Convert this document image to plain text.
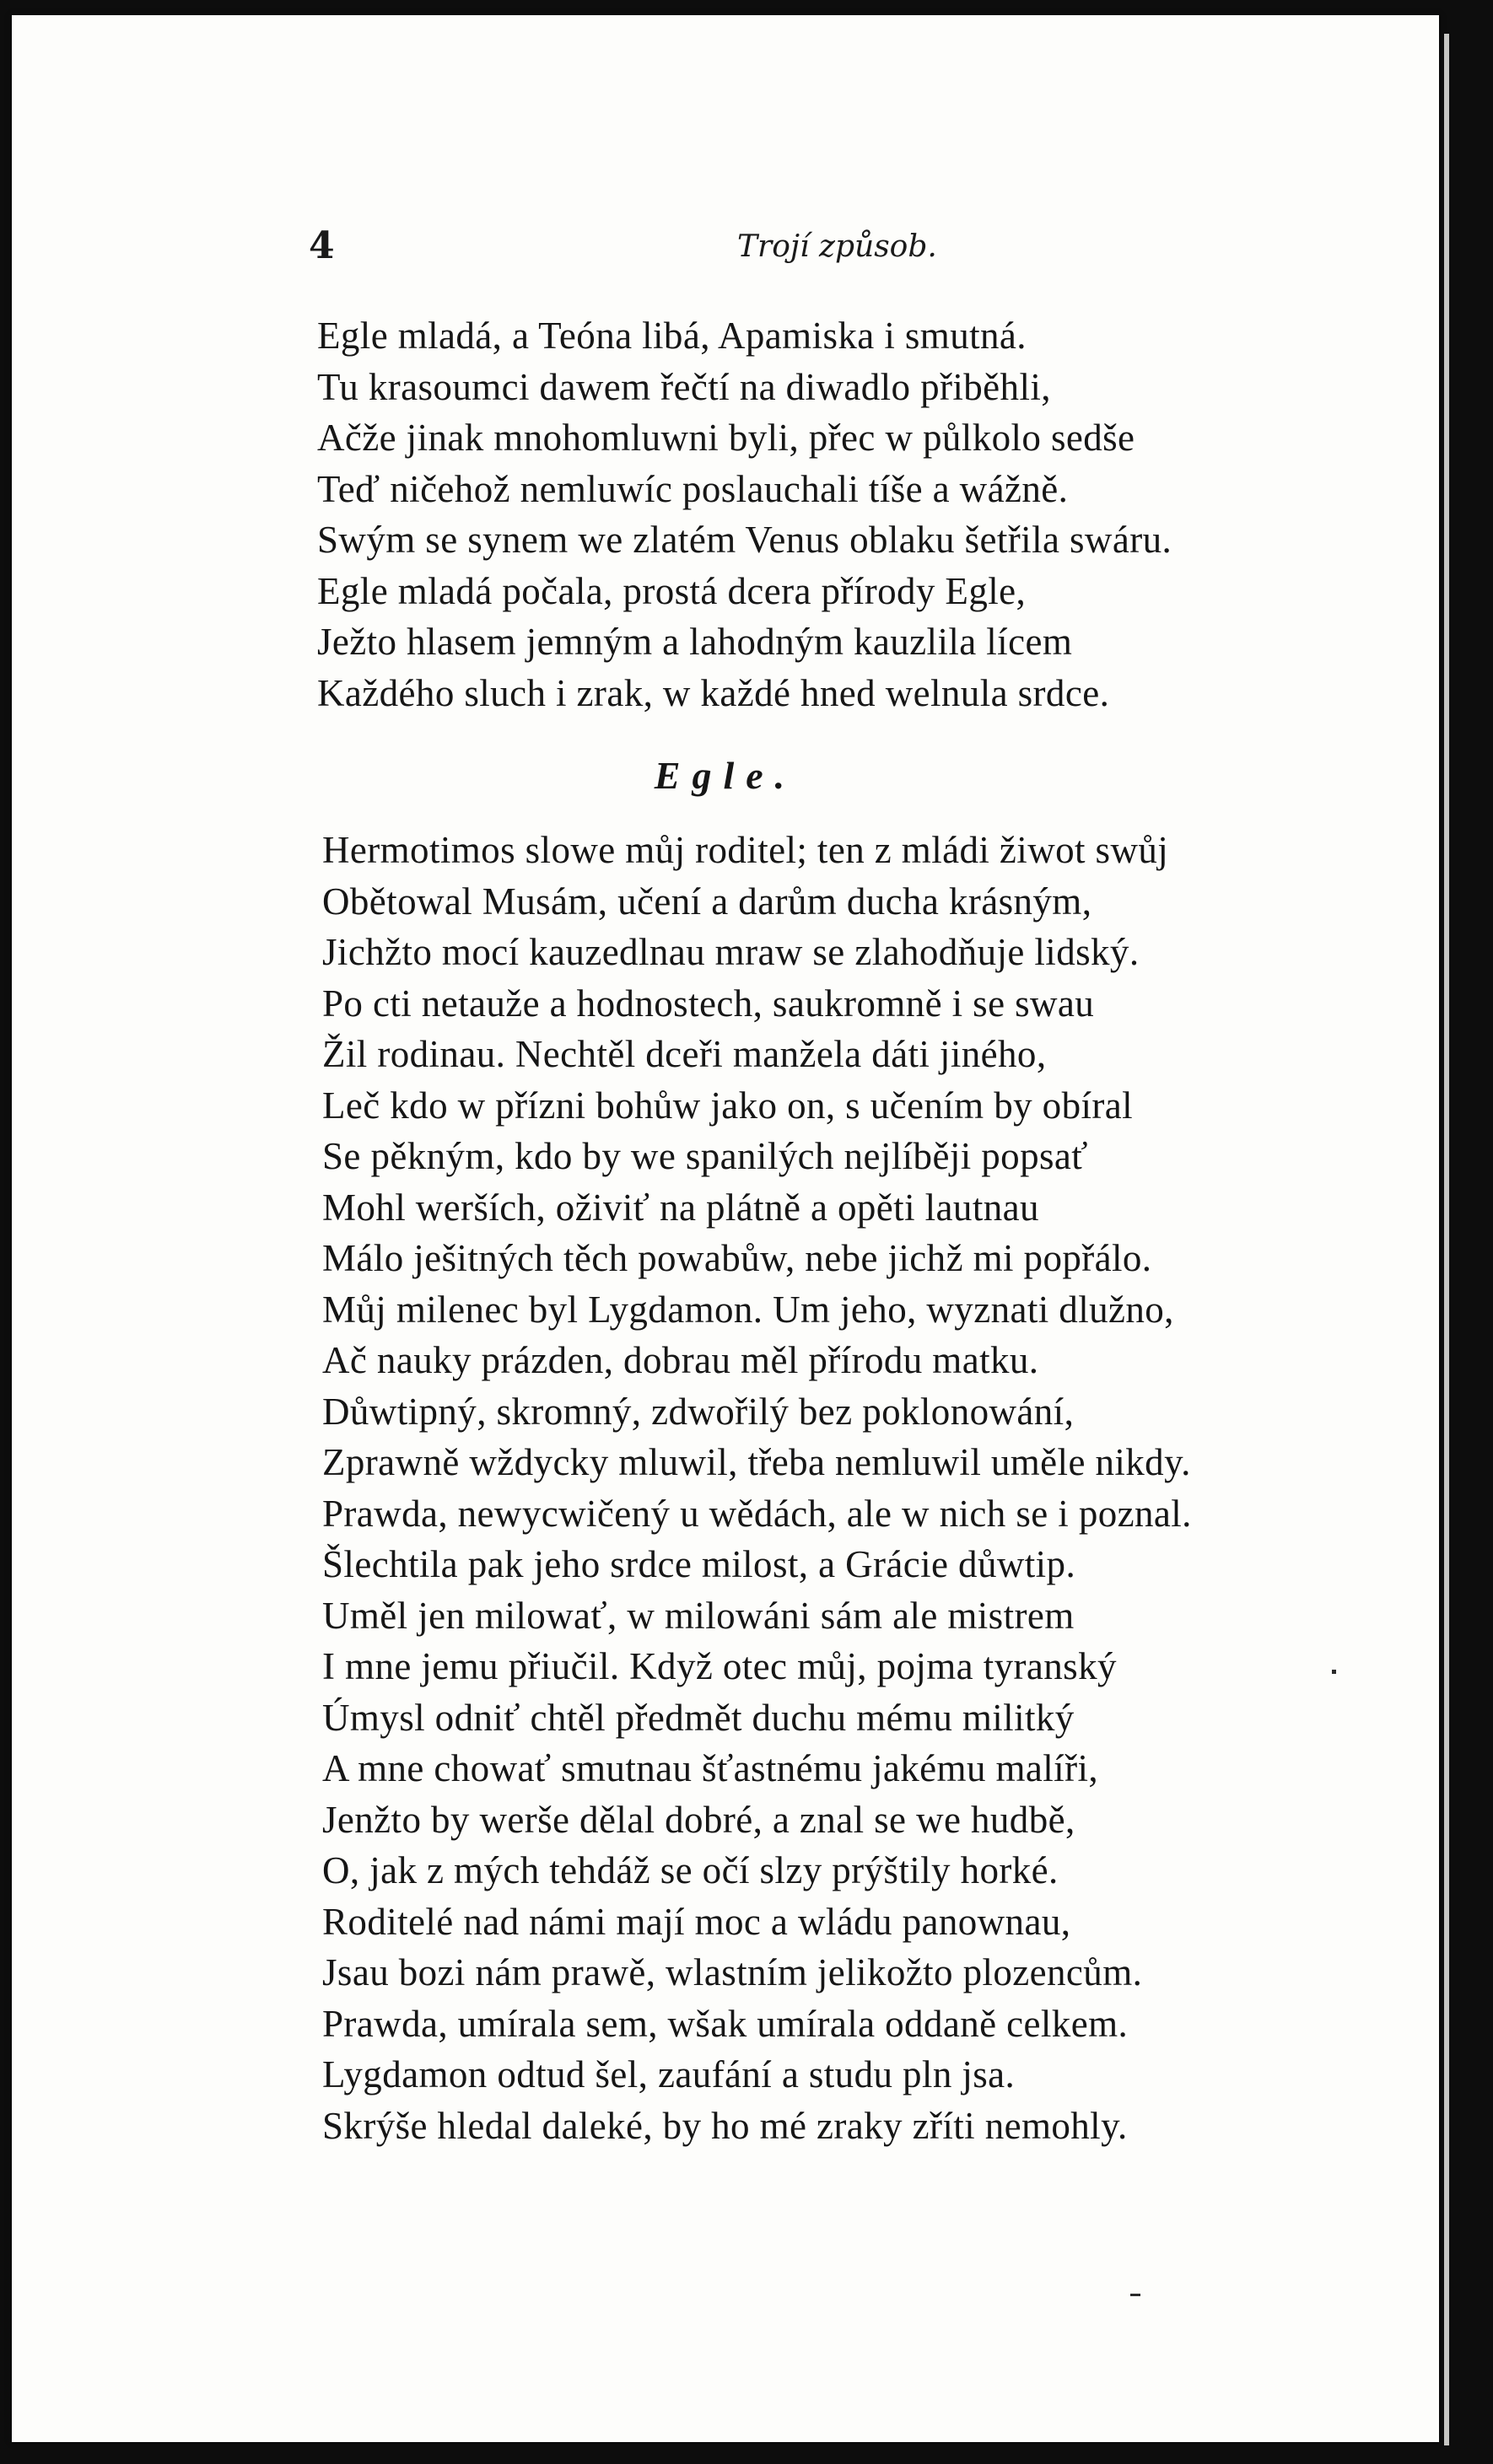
4	Trojí způsob.
Egle mladá, a Teóna libá, Apamiska i smutná.
Tu krasoumci dawem řečtí na diwadlo přiběhli,
Ačže jinak mnohomluwni byli, přec w půlkolo sedše
Teď ničehož nemluwíc poslauchali tíše a wážně.
Swým se synem we zlatém Venus oblaku šetřila swáru.
Egle mladá počala, prostá dcera přírody Egle,
Ježto hlasem jemným a lahodným kauzlila lícem
Každého sluch i zrak, w každé hned welnula srdce.
Egle.
Hermotimos slowe můj roditel; ten z mládi žiwot swůj
Obětowal Musám, učení a darům ducha krásným,
Jichžto mocí kauzedlnau mraw se zlahodňuje lidský.
Po cti netauže a hodnostech, saukromně i se swau
Žil rodinau. Nechtěl dceři manžela dáti jiného,
Leč kdo w přízni bohůw jako on, s učením by obíral
Se pěkným, kdo by we spanilých nejlíběji popsať
Mohl werších, oživiť na plátně a opěti lautnau
Málo ješitných těch powabůw, nebe jichž mi popřálo.
Můj milenec byl Lygdamon. Um jeho, wyznati dlužno,
Ač nauky prázden, dobrau měl přírodu matku.
Důwtipný, skromný, zdwořilý bez poklonowání,
Zprawně wždycky mluwil, třeba nemluwil uměle nikdy.
Prawda, newycwičený u wědách, ale w nich se i poznal.
Šlechtila pak jeho srdce milost, a Grácie důwtip.
Uměl jen milowať, w milowáni sám ale mistrem
I mne jemu přiučil. Když otec můj, pojma tyranský
Úmysl odniť chtěl předmět duchu mému militký
A mne chowať smutnau šťastnému jakému malíři,
Jenžto by werše dělal dobré, a znal se we hudbě,
O, jak z mých tehdáž se očí slzy prýštily horké.
Roditelé nad námi mají moc a wládu panownau,
Jsau bozi nám prawě, wlastním jelikožto plozencům.
Prawda, umírala sem, wšak umírala oddaně celkem.
Lygdamon odtud šel, zaufání a studu pln jsa.
Skrýše hledal daleké, by ho mé zraky zříti nemohly.
